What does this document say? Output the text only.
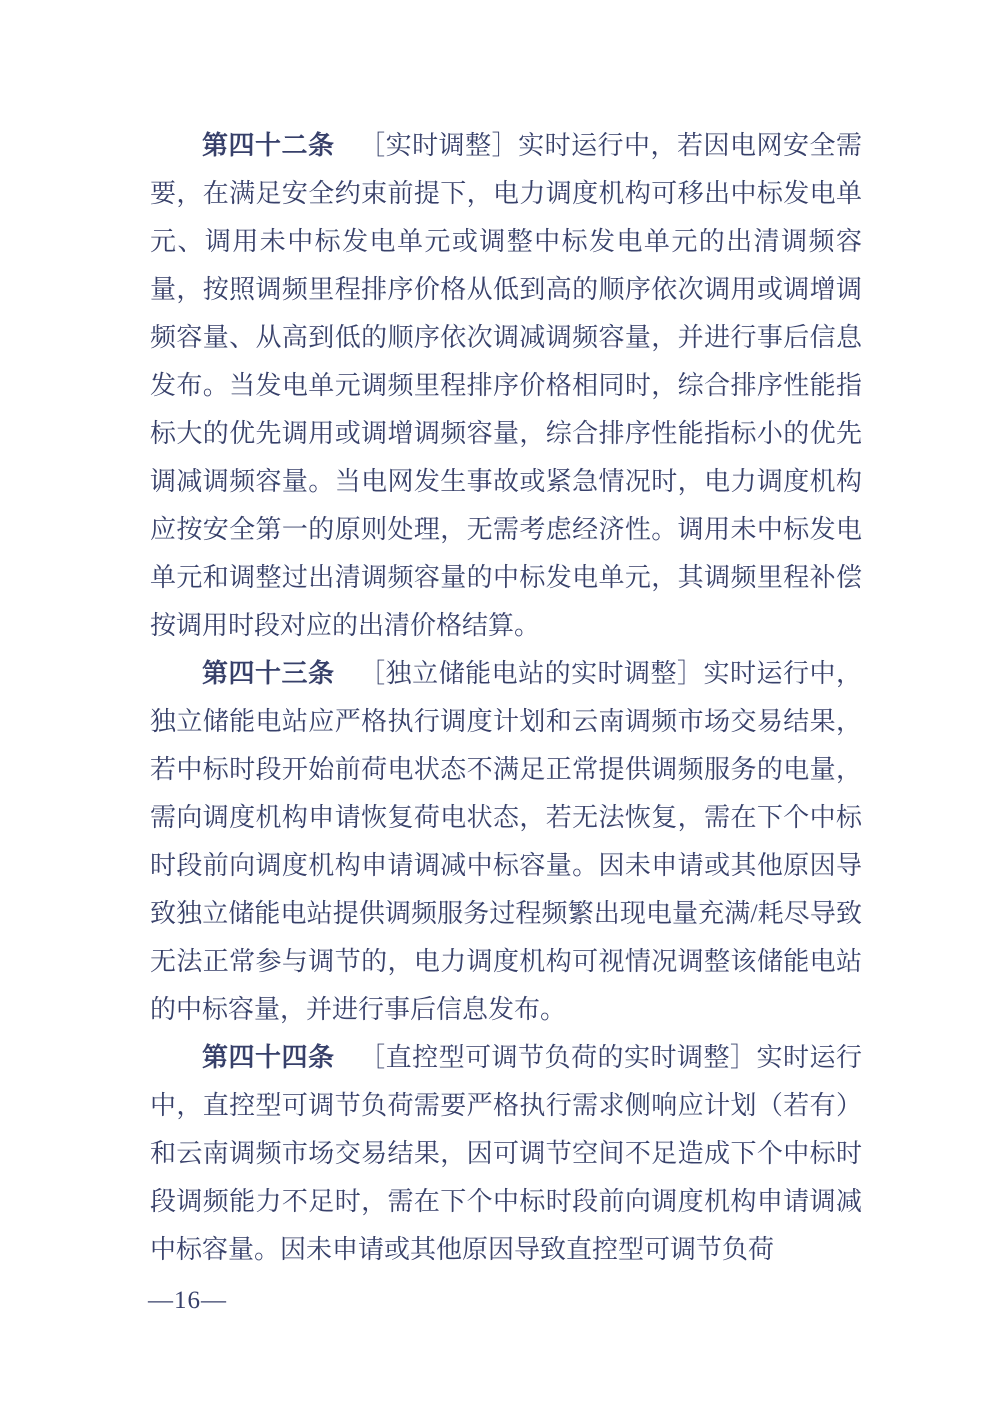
第四十二条 ［实时调整］实时运行中，若因电网安全需要，在满足安全约束前提下，电力调度机构可移出中标发电单元、调用未中标发电单元或调整中标发电单元的出清调频容量，按照调频里程排序价格从低到高的顺序依次调用或调增调频容量、从高到低的顺序依次调减调频容量，并进行事后信息发布。当发电单元调频里程排序价格相同时，综合排序性能指标大的优先调用或调增调频容量，综合排序性能指标小的优先调减调频容量。当电网发生事故或紧急情况时，电力调度机构应按安全第一的原则处理，无需考虑经济性。调用未中标发电单元和调整过出清调频容量的中标发电单元，其调频里程补偿按调用时段对应的出清价格结算。

第四十三条 ［独立储能电站的实时调整］实时运行中，独立储能电站应严格执行调度计划和云南调频市场交易结果，若中标时段开始前荷电状态不满足正常提供调频服务的电量，需向调度机构申请恢复荷电状态，若无法恢复，需在下个中标时段前向调度机构申请调减中标容量。因未申请或其他原因导致独立储能电站提供调频服务过程频繁出现电量充满/耗尽导致无法正常参与调节的，电力调度机构可视情况调整该储能电站的中标容量，并进行事后信息发布。

第四十四条 ［直控型可调节负荷的实时调整］实时运行中，直控型可调节负荷需要严格执行需求侧响应计划（若有）和云南调频市场交易结果，因可调节空间不足造成下个中标时段调频能力不足时，需在下个中标时段前向调度机构申请调减中标容量。因未申请或其他原因导致直控型可调节负荷

—16—
